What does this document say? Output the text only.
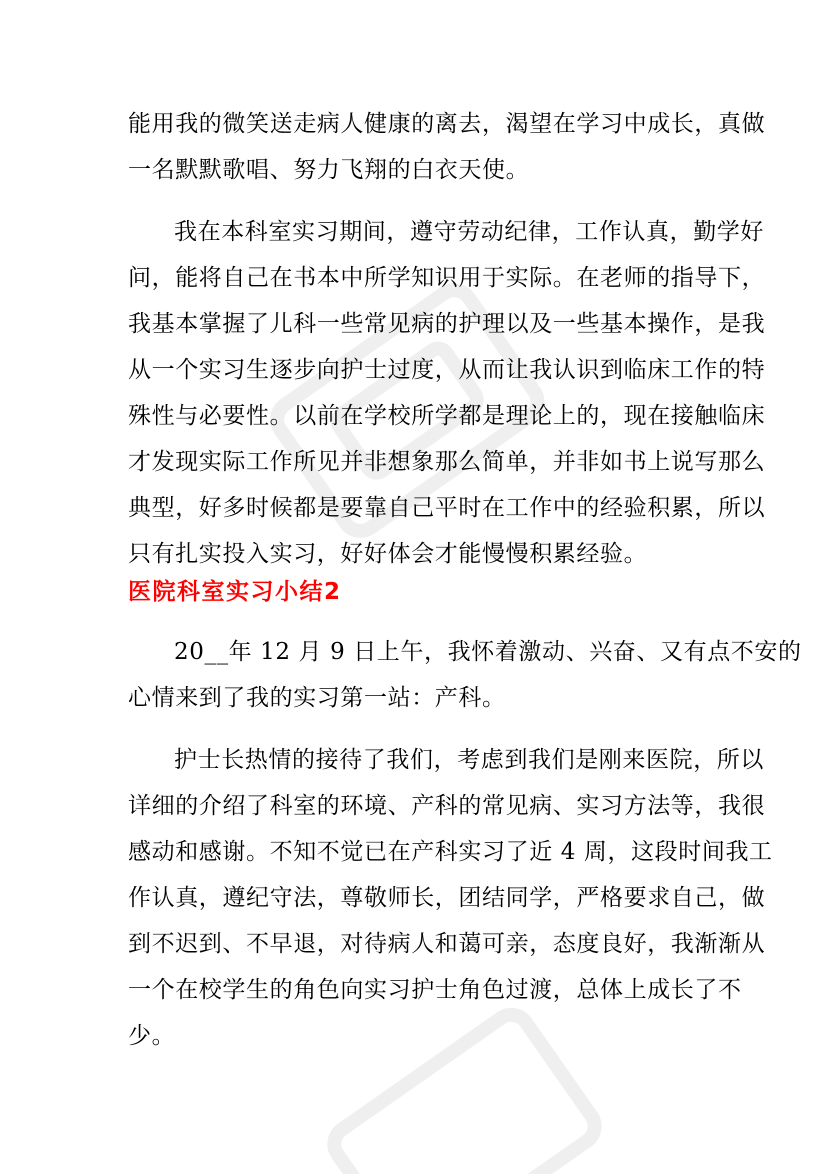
能用我的微笑送走病人健康的离去，渴望在学习中成长，真做
一名默默歌唱、努力飞翔的白衣天使。
我在本科室实习期间，遵守劳动纪律，工作认真，勤学好
问，能将自己在书本中所学知识用于实际。在老师的指导下，
我基本掌握了儿科一些常见病的护理以及一些基本操作，是我
从一个实习生逐步向护士过度，从而让我认识到临床工作的特
殊性与必要性。以前在学校所学都是理论上的，现在接触临床
才发现实际工作所见并非想象那么简单，并非如书上说写那么
典型，好多时候都是要靠自己平时在工作中的经验积累，所以
只有扎实投入实习，好好体会才能慢慢积累经验。
医院科室实习小结2
20__年 12 月 9 日上午，我怀着激动、兴奋、又有点不安的
心情来到了我的实习第一站：产科。
护士长热情的接待了我们，考虑到我们是刚来医院，所以
详细的介绍了科室的环境、产科的常见病、实习方法等，我很
感动和感谢。不知不觉已在产科实习了近 4 周，这段时间我工
作认真，遵纪守法，尊敬师长，团结同学，严格要求自己，做
到不迟到、不早退，对待病人和蔼可亲，态度良好，我渐渐从
一个在校学生的角色向实习护士角色过渡，总体上成长了不
少。
